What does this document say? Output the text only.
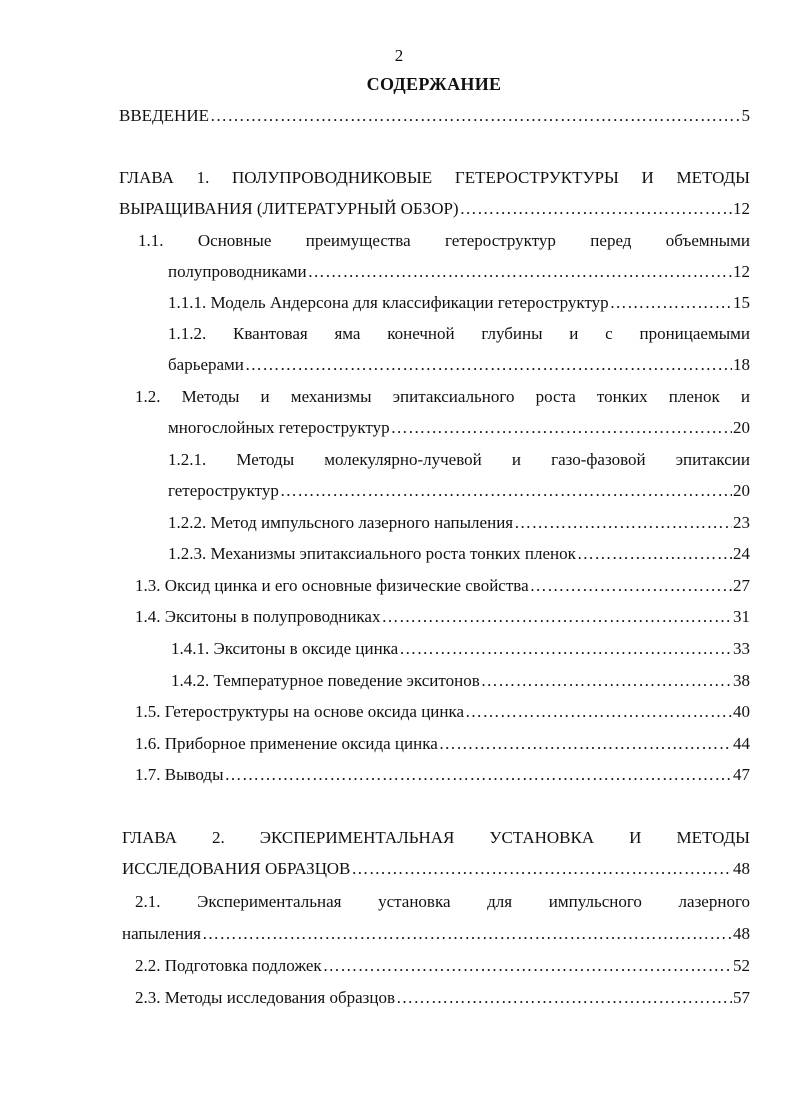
2
СОДЕРЖАНИЕ
ВВЕДЕНИЕ ……………………………………………………………………………………………………………………………………………………………………	5
ГЛАВА 1. ПОЛУПРОВОДНИКОВЫЕ ГЕТЕРОСТРУКТУРЫ И МЕТОДЫ
ВЫРАЩИВАНИЯ (ЛИТЕРАТУРНЫЙ ОБЗОР) ……………………………………………………………………………………………………………………………………………………………………	12
1.1. Основные преимущества гетероструктур перед объемными
полупроводниками ……………………………………………………………………………………………………………………………………………………………………	12
1.1.1. Модель Андерсона для классификации гетероструктур ……………………………………………………………………………………………………………………………………………………………………	15
1.1.2. Квантовая яма конечной глубины и с проницаемыми
барьерами ……………………………………………………………………………………………………………………………………………………………………	18
1.2. Методы и механизмы эпитаксиального роста тонких пленок и
многослойных гетероструктур ……………………………………………………………………………………………………………………………………………………………………	20
1.2.1. Методы молекулярно-лучевой и газо-фазовой эпитаксии
гетероструктур ……………………………………………………………………………………………………………………………………………………………………	20
1.2.2. Метод импульсного лазерного напыления ……………………………………………………………………………………………………………………………………………………………………	23
1.2.3. Механизмы эпитаксиального роста тонких пленок ……………………………………………………………………………………………………………………………………………………………………	24
1.3. Оксид цинка и его основные физические свойства ……………………………………………………………………………………………………………………………………………………………………	27
1.4. Экситоны в полупроводниках ……………………………………………………………………………………………………………………………………………………………………	31
1.4.1. Экситоны в оксиде цинка ……………………………………………………………………………………………………………………………………………………………………	33
1.4.2. Температурное поведение экситонов ……………………………………………………………………………………………………………………………………………………………………	38
1.5. Гетероструктуры на основе оксида цинка ……………………………………………………………………………………………………………………………………………………………………	40
1.6. Приборное применение оксида цинка ……………………………………………………………………………………………………………………………………………………………………	44
1.7. Выводы ……………………………………………………………………………………………………………………………………………………………………	47
ГЛАВА 2. ЭКСПЕРИМЕНТАЛЬНАЯ УСТАНОВКА И МЕТОДЫ
ИССЛЕДОВАНИЯ ОБРАЗЦОВ ……………………………………………………………………………………………………………………………………………………………………	48
2.1. Экспериментальная установка для импульсного лазерного
напыления ……………………………………………………………………………………………………………………………………………………………………	48
2.2. Подготовка подложек ……………………………………………………………………………………………………………………………………………………………………	52
2.3. Методы исследования образцов ……………………………………………………………………………………………………………………………………………………………………	57
